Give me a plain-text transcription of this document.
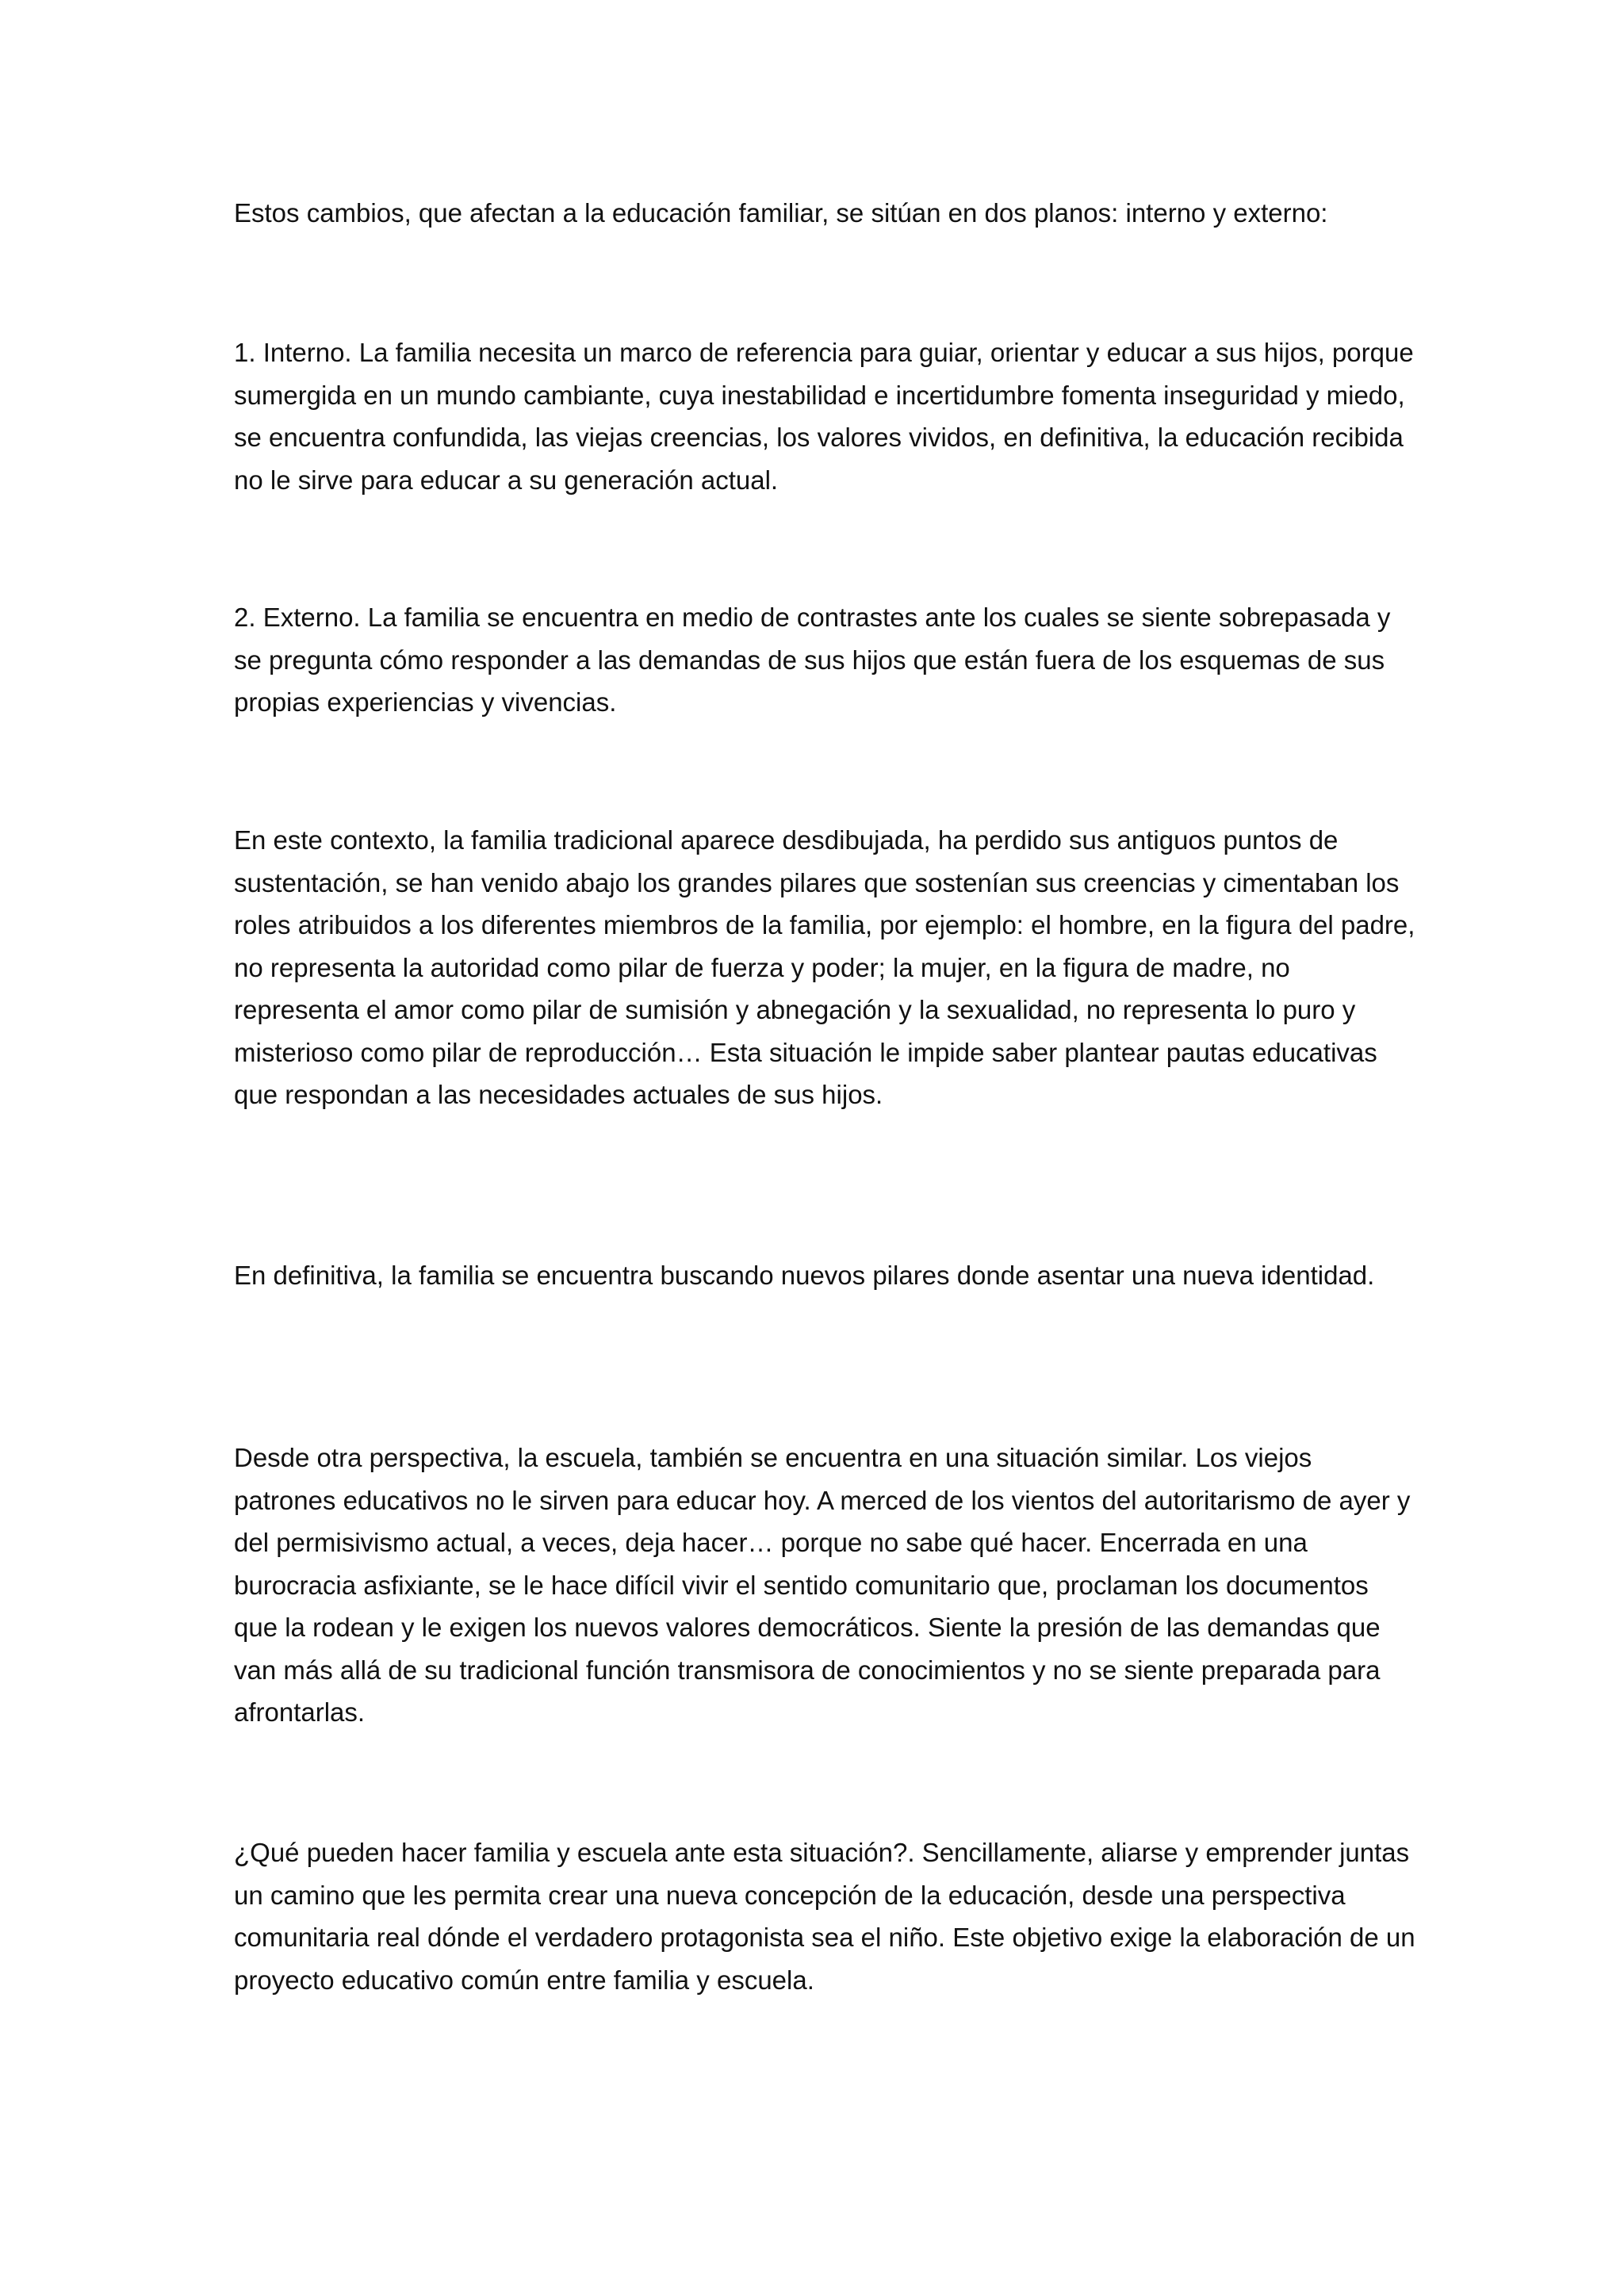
Estos cambios, que afectan a la educación familiar, se sitúan en dos planos: interno y externo:

1. Interno. La familia necesita un marco de referencia para guiar, orientar y educar a sus hijos, porque sumergida en un mundo cambiante, cuya inestabilidad e incertidumbre fomenta inseguridad y miedo, se encuentra confundida, las viejas creencias, los valores vividos, en definitiva, la educación recibida no le sirve para educar a su generación actual.

2. Externo. La familia se encuentra en medio de contrastes ante los cuales se siente sobrepasada y se pregunta cómo responder a las demandas de sus hijos que están fuera de los esquemas de sus propias experiencias y vivencias.

En este contexto, la familia tradicional aparece desdibujada, ha perdido sus antiguos puntos de sustentación, se han venido abajo los grandes pilares que sostenían sus creencias y cimentaban los roles atribuidos a los diferentes miembros de la familia, por ejemplo: el hombre, en la figura del padre, no representa la autoridad como pilar de fuerza y poder; la mujer, en la figura de madre, no representa el amor como pilar de sumisión y abnegación y la sexualidad, no representa lo puro y misterioso como pilar de reproducción… Esta situación le impide saber plantear pautas educativas que respondan a las necesidades actuales de sus hijos.

En definitiva, la familia se encuentra buscando nuevos pilares donde asentar una nueva identidad.

Desde otra perspectiva, la escuela, también se encuentra en una situación similar. Los viejos patrones educativos no le sirven para educar hoy. A merced de los vientos del autoritarismo de ayer y del permisivismo actual, a veces, deja hacer… porque no sabe qué hacer. Encerrada en una burocracia asfixiante, se le hace difícil vivir el sentido comunitario que, proclaman los documentos que la rodean y le exigen los nuevos valores democráticos. Siente la presión de las demandas que van más allá de su tradicional función transmisora de conocimientos y no se siente preparada para afrontarlas.

¿Qué pueden hacer familia y escuela ante esta situación?. Sencillamente, aliarse y emprender juntas un camino que les permita crear una nueva concepción de la educación, desde una perspectiva comunitaria real dónde el verdadero protagonista sea el niño. Este objetivo exige la elaboración de un proyecto educativo común entre familia y escuela.
